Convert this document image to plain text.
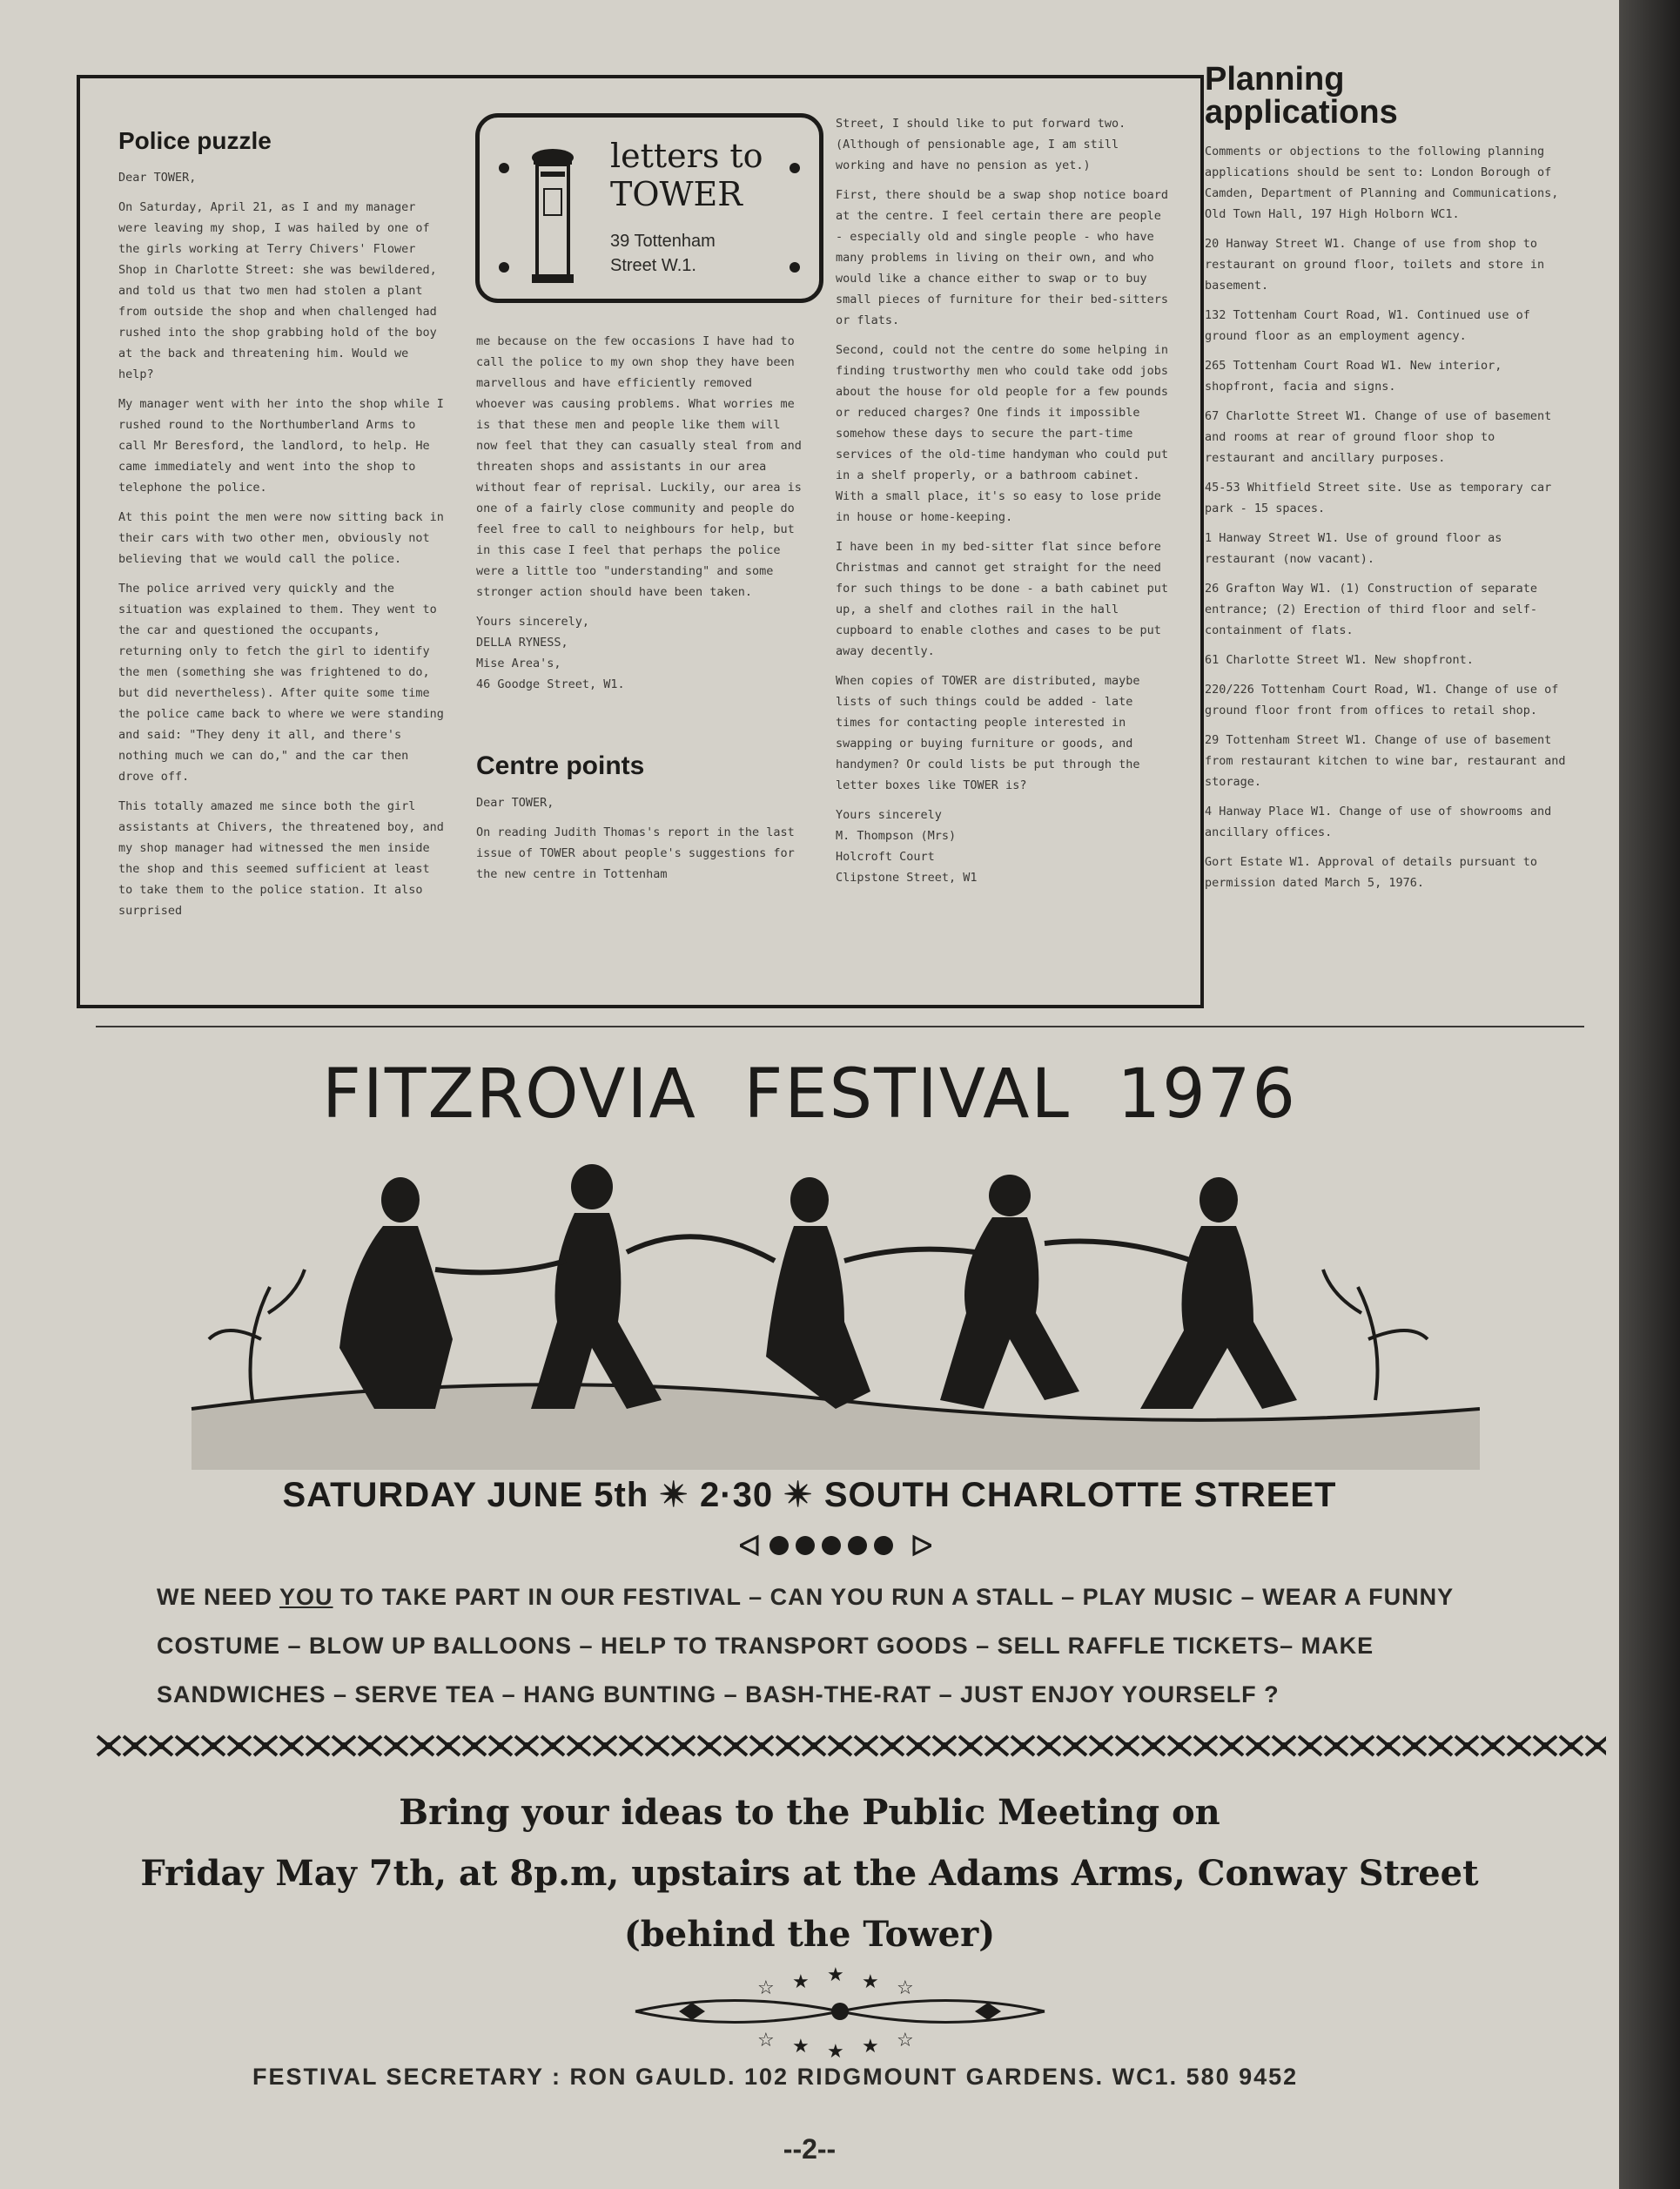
Police puzzle

Dear TOWER,

On Saturday, April 21, as I and my manager were leaving my shop, I was hailed by one of the girls working at Terry Chivers' Flower Shop in Charlotte Street: she was bewildered, and told us that two men had stolen a plant from outside the shop and when challenged had rushed into the shop grabbing hold of the boy at the back and threatening him. Would we help?

My manager went with her into the shop while I rushed round to the Northumberland Arms to call Mr Beresford, the landlord, to help. He came immediately and went into the shop to telephone the police.

At this point the men were now sitting back in their cars with two other men, obviously not believing that we would call the police.

The police arrived very quickly and the situation was explained to them. They went to the car and questioned the occupants, returning only to fetch the girl to identify the men (something she was frightened to do, but did nevertheless). After quite some time the police came back to where we were standing and said: "They deny it all, and there's nothing much we can do," and the car then drove off.

This totally amazed me since both the girl assistants at Chivers, the threatened boy, and my shop manager had witnessed the men inside the shop and this seemed sufficient at least to take them to the police station. It also surprised

letters to
TOWER
39 Tottenham
Street W.1.

me because on the few occasions I have had to call the police to my own shop they have been marvellous and have efficiently removed whoever was causing problems. What worries me is that these men and people like them will now feel that they can casually steal from and threaten shops and assistants in our area without fear of reprisal. Luckily, our area is one of a fairly close community and people do feel free to call to neighbours for help, but in this case I feel that perhaps the police were a little too "understanding" and some stronger action should have been taken.

Yours sincerely,
DELLA RYNESS,
Mise Area's,
46 Goodge Street, W1.
Centre points

Dear TOWER,

On reading Judith Thomas's report in the last issue of TOWER about people's suggestions for the new centre in Tottenham

Street, I should like to put forward two. (Although of pensionable age, I am still working and have no pension as yet.)

First, there should be a swap shop notice board at the centre. I feel certain there are people - especially old and single people - who have many problems in living on their own, and who would like a chance either to swap or to buy small pieces of furniture for their bed-sitters or flats.

Second, could not the centre do some helping in finding trustworthy men who could take odd jobs about the house for old people for a few pounds or reduced charges? One finds it impossible somehow these days to secure the part-time services of the old-time handyman who could put in a shelf properly, or a bathroom cabinet. With a small place, it's so easy to lose pride in house or home-keeping.

I have been in my bed-sitter flat since before Christmas and cannot get straight for the need for such things to be done - a bath cabinet put up, a shelf and clothes rail in the hall cupboard to enable clothes and cases to be put away decently.

When copies of TOWER are distributed, maybe lists of such things could be added - late times for contacting people interested in swapping or buying furniture or goods, and handymen? Or could lists be put through the letter boxes like TOWER is?

Yours sincerely
M. Thompson (Mrs)
Holcroft Court
Clipstone Street, W1
Planning
applications

Comments or objections to the following planning applications should be sent to: London Borough of Camden, Department of Planning and Communications, Old Town Hall, 197 High Holborn WC1.

20 Hanway Street W1. Change of use from shop to restaurant on ground floor, toilets and store in basement.

132 Tottenham Court Road, W1. Continued use of ground floor as an employment agency.

265 Tottenham Court Road W1. New interior, shopfront, facia and signs.

67 Charlotte Street W1. Change of use of basement and rooms at rear of ground floor shop to restaurant and ancillary purposes.

45-53 Whitfield Street site. Use as temporary car park - 15 spaces.

1 Hanway Street W1. Use of ground floor as restaurant (now vacant).

26 Grafton Way W1. (1) Construction of separate entrance; (2) Erection of third floor and self-containment of flats.

61 Charlotte Street W1. New shopfront.

220/226 Tottenham Court Road, W1. Change of use of ground floor front from offices to retail shop.

29 Tottenham Street W1. Change of use of basement from restaurant kitchen to wine bar, restaurant and storage.

4 Hanway Place W1. Change of use of showrooms and ancillary offices.

Gort Estate W1. Approval of details pursuant to permission dated March 5, 1976.

FITZROVIA  FESTIVAL  1976
SATURDAY JUNE 5th ✴ 2·30 ✴ SOUTH CHARLOTTE STREET
WE NEED YOU TO TAKE PART IN OUR FESTIVAL – CAN YOU RUN A STALL – PLAY MUSIC – WEAR A FUNNY COSTUME – BLOW UP BALLOONS – HELP TO TRANSPORT GOODS – SELL RAFFLE TICKETS– MAKE SANDWICHES – SERVE TEA – HANG BUNTING – BASH-THE-RAT – JUST ENJOY YOURSELF ?
Bring your ideas to the Public Meeting on
Friday May 7th, at 8p.m, upstairs at the Adams Arms, Conway Street
(behind the Tower)
☆ ★ ★ ★ ☆
☆ ★ ★ ★ ☆
FESTIVAL SECRETARY : RON GAULD. 102 RIDGMOUNT GARDENS. WC1. 580 9452
--2--
